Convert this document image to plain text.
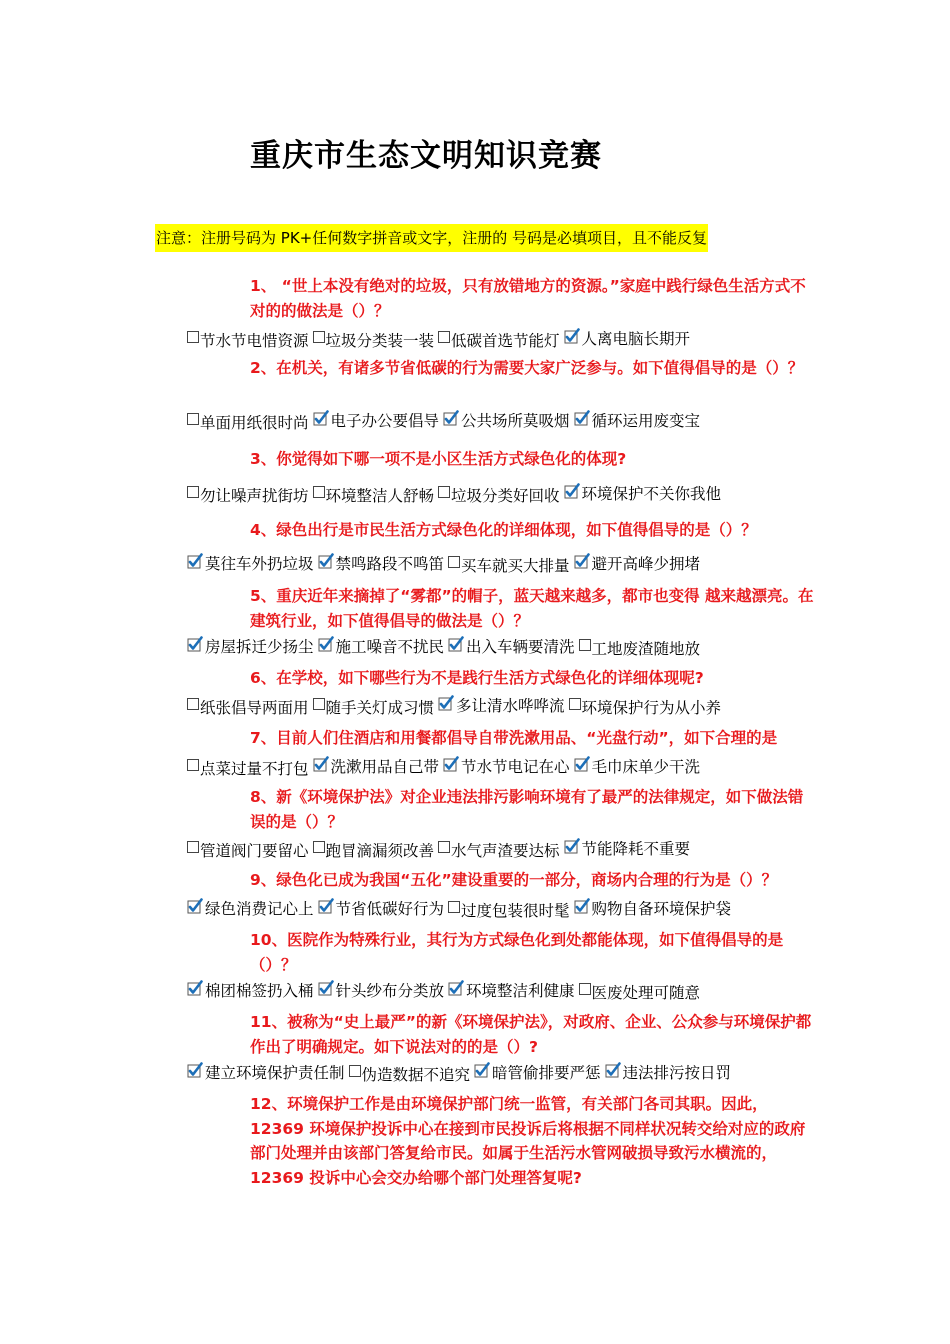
重庆市生态文明知识竞赛
注意：注册号码为 PK+任何数字拼音或文字，注册的 号码是必填项目，且不能反复
1、 “世上本没有绝对的垃圾，只有放错地方的资源。”家庭中践行绿色生活方式不对的的做法是（）？
节水节电惜资源 垃圾分类装一装 低碳首选节能灯 人离电脑长期开
2、在机关，有诸多节省低碳的行为需要大家广泛参与。如下值得倡导的是（）？
单面用纸很时尚 电子办公要倡导 公共场所莫吸烟 循环运用废变宝
3、你觉得如下哪一项不是小区生活方式绿色化的体现?
勿让噪声扰街坊 环境整洁人舒畅 垃圾分类好回收 环境保护不关你我他
4、绿色出行是市民生活方式绿色化的详细体现，如下值得倡导的是（）？
莫往车外扔垃圾 禁鸣路段不鸣笛 买车就买大排量 避开高峰少拥堵
5、重庆近年来摘掉了“雾都”的帽子，蓝天越来越多，都市也变得 越来越漂亮。在建筑行业，如下值得倡导的做法是（）？
房屋拆迁少扬尘 施工噪音不扰民 出入车辆要清洗 工地废渣随地放
6、在学校，如下哪些行为不是践行生活方式绿色化的详细体现呢?
纸张倡导两面用 随手关灯成习惯 多让清水哗哗流 环境保护行为从小养
7、目前人们住酒店和用餐都倡导自带洗漱用品、“光盘行动”，如下合理的是
点菜过量不打包 洗漱用品自己带 节水节电记在心 毛巾床单少干洗
8、新《环境保护法》对企业违法排污影响环境有了最严的法律规定，如下做法错误的是（）？
管道阀门要留心 跑冒滴漏须改善 水气声渣要达标 节能降耗不重要
9、绿色化已成为我国“五化”建设重要的一部分，商场内合理的行为是（）？
绿色消费记心上 节省低碳好行为 过度包装很时髦 购物自备环境保护袋
10、医院作为特殊行业，其行为方式绿色化到处都能体现，如下值得倡导的是（）？
棉团棉签扔入桶 针头纱布分类放 环境整洁利健康 医废处理可随意
11、被称为“史上最严”的新《环境保护法》，对政府、企业、公众参与环境保护都作出了明确规定。如下说法对的的是（）?
建立环境保护责任制 伪造数据不追究 暗管偷排要严惩 违法排污按日罚
12、环境保护工作是由环境保护部门统一监管，有关部门各司其职。因此，12369 环境保护投诉中心在接到市民投诉后将根据不同样状况转交给对应的政府部门处理并由该部门答复给市民。如属于生活污水管网破损导致污水横流的，12369 投诉中心会交办给哪个部门处理答复呢?
